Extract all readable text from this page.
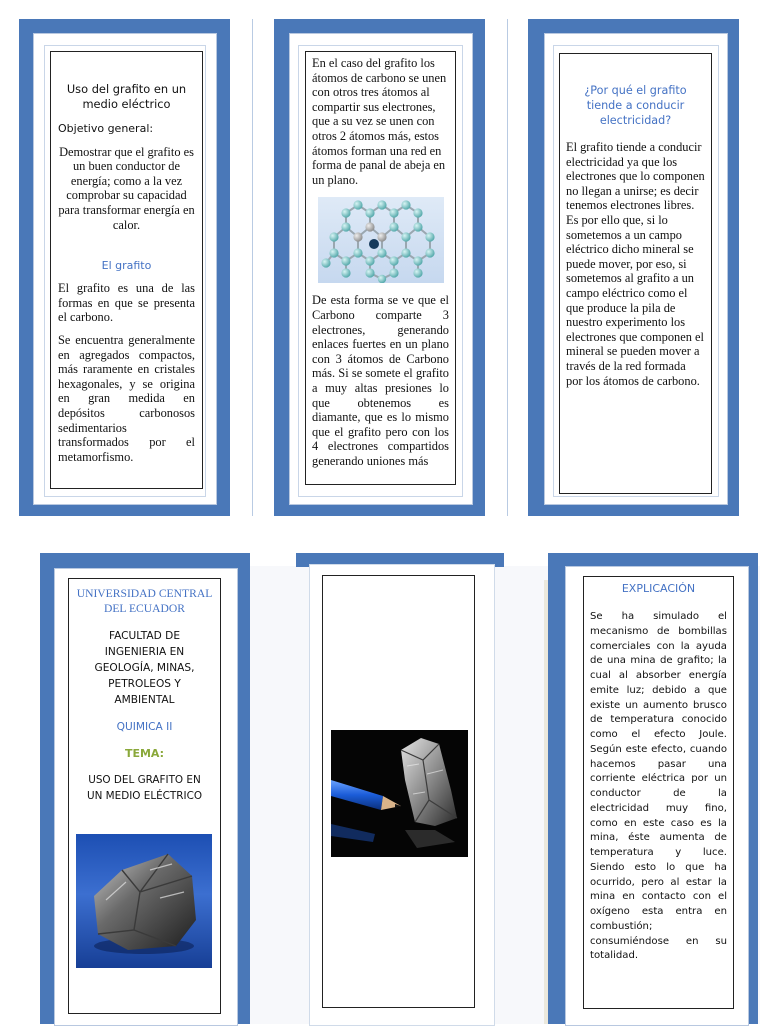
Uso del grafito en un medio eléctrico

Objetivo general:

Demostrar que el grafito es un buen conductor de energía; como a la vez comprobar su capacidad para transformar energía en calor.

El grafito

El grafito es una de las formas en que se presenta el carbono.

Se encuentra generalmente en agregados compactos, más raramente en cristales hexagonales, y se origina en gran medida en depósitos carbonosos sedimentarios transformados por el metamorfismo.

En el caso del grafito los átomos de carbono se unen con otros tres átomos al compartir sus electrones, que a su vez se unen con otros 2 átomos más, estos átomos forman una red en forma de panal de abeja en un plano.

De esta forma se ve que el Carbono comparte 3 electrones, generando enlaces fuertes en un plano con 3 átomos de Carbono más. Si se somete el grafito a muy altas presiones lo que obtenemos es diamante, que es lo mismo que el grafito pero con los 4 electrones compartidos generando uniones más

¿Por qué el grafito tiende a conducir electricidad?

El grafito tiende a conducir electricidad ya que los electrones que lo componen no llegan a unirse; es decir tenemos electrones libres. Es por ello que, si lo sometemos a un campo eléctrico dicho mineral se puede mover, por eso, si sometemos al grafito a un campo eléctrico como el que produce la pila de nuestro experimento los electrones que componen el mineral se pueden mover a través de la red formada por los átomos de carbono.

UNIVERSIDAD CENTRAL DEL ECUADOR

FACULTAD DE INGENIERIA EN GEOLOGÍA, MINAS, PETROLEOS Y AMBIENTAL

QUIMICA II

TEMA:

USO DEL GRAFITO EN UN MEDIO ELÉCTRICO

EXPLICACIÓN

Se ha simulado el mecanismo de bombillas comerciales con la ayuda de una mina de grafito; la cual al absorber energía emite luz; debido a que existe un aumento brusco de temperatura conocido como el efecto Joule. Según este efecto, cuando hacemos pasar una corriente eléctrica por un conductor de la electricidad muy fino, como en este caso es la mina, éste aumenta de temperatura y luce. Siendo esto lo que ha ocurrido, pero al estar la mina en contacto con el oxígeno esta entra en combustión; consumiéndose en su totalidad.
